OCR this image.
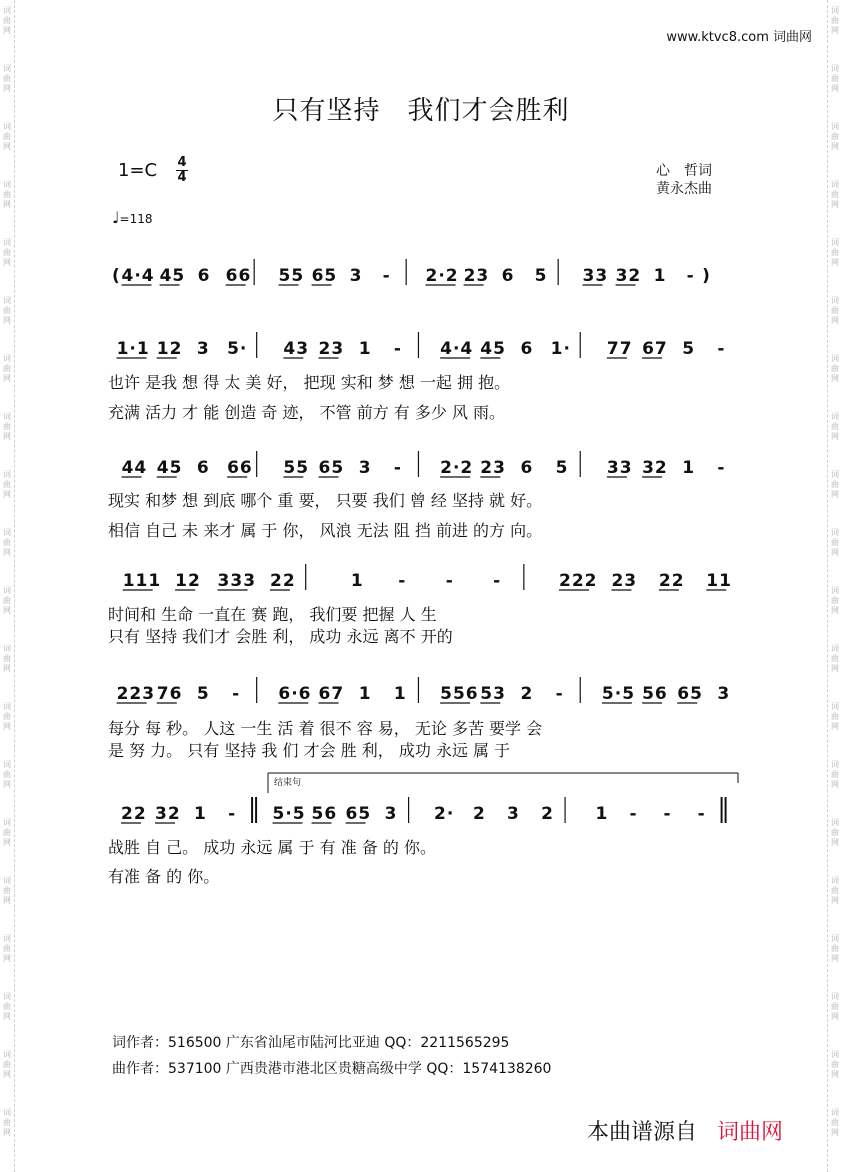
词
曲
网
词
曲
网
词
曲
网
词
曲
网
词
曲
网
词
曲
网
词
曲
网
词
曲
网
词
曲
网
词
曲
网
词
曲
网
词
曲
网
词
曲
网
词
曲
网
词
曲
网
词
曲
网
词
曲
网
词
曲
网
词
曲
网
词
曲
网
词
曲
网
词
曲
网
词
曲
网
词
曲
网
词
曲
网
词
曲
网
词
曲
网
词
曲
网
词
曲
网
词
曲
网
词
曲
网
词
曲
网
词
曲
网
词
曲
网
词
曲
网
词
曲
网
词
曲
网
词
曲
网
词
曲
网
词
曲
网
www.ktvc8.com 词曲网
只有坚持　我们才会胜利
1=C 4
4	心　哲词
黄永杰曲
♩=118
( 4·4 45 6 66 55 65 3 - 2·2 23 6 5 33 32 1 - )
1·1 12 3 5· 43 23 1 - 4·4 45 6 1· 77 67 5 -
44 45 6 66 55 65 3 - 2·2 23 6 5 33 32 1 -
111 12 333 22	1 - - -	222 23 22 11
223 76 5 - 6·6 67 1 1 556 53 2 - 5·5 56 65 3
22 32 1 - 5·5 56 65 3 2· 2 3 2 1 - - -
结束句
也许 是我 想 得 太 美 好， 把现 实和 梦 想 一起 拥 抱。
充满 活力 才 能 创造 奇 迹， 不管 前方 有 多少 风 雨。
现实 和梦 想 到底 哪个 重 要， 只要 我们 曾 经 坚持 就 好。
相信 自己 未 来才 属 于 你， 风浪 无法 阻 挡 前进 的方 向。
时间和 生命 一直在 赛 跑， 我们要 把握 人 生
只有 坚持 我们才 会胜 利， 成功 永远 离不 开的
每分 每 秒。 人这 一生 活 着 很不 容 易， 无论 多苦 要学 会
是 努 力。 只有 坚持 我 们 才会 胜 利， 成功 永远 属 于
战胜 自 己。 成功 永远 属 于 有 准 备 的 你。
有准 备 的 你。
词作者：516500 广东省汕尾市陆河比亚迪 QQ：2211565295
曲作者：537100 广西贵港市港北区贵糖高级中学 QQ：1574138260
本曲谱源自 词曲网
